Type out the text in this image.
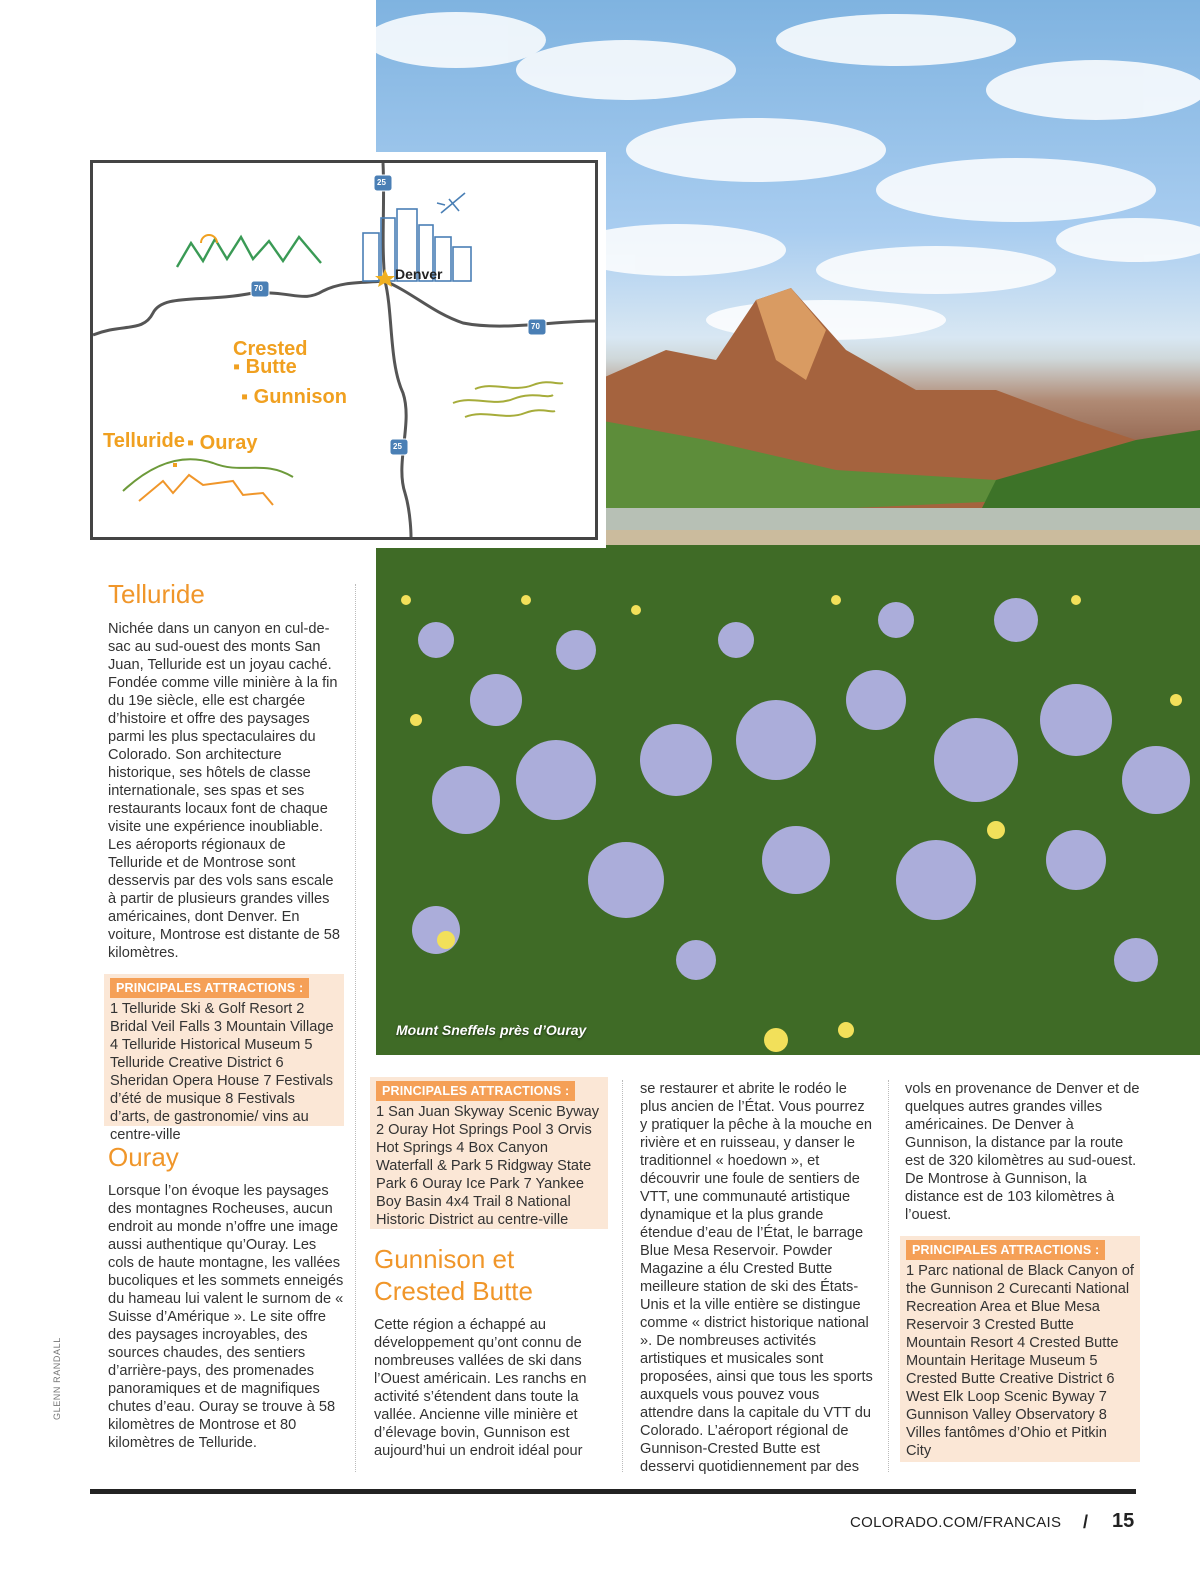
Mount Sneffels près d’Ouray
25
70
70
25
Denver
Crested
▪ Butte
▪ Gunnison
Telluride ▪ Ouray
Telluride
Nichée dans un canyon en cul-de-sac au sud-ouest des monts San Juan, Telluride est un joyau caché. Fondée comme ville minière à la fin du 19e siècle, elle est chargée d’histoire et offre des paysages parmi les plus spectaculaires du Colorado. Son architecture historique, ses hôtels de classe internationale, ses spas et ses restaurants locaux font de chaque visite une expérience inoubliable. Les aéroports régionaux de Telluride et de Montrose sont desservis par des vols sans escale à partir de plusieurs grandes villes américaines, dont Denver. En voiture, Montrose est distante de 58 kilomètres.
PRINCIPALES ATTRACTIONS :
1 Telluride Ski & Golf Resort 2 Bridal Veil Falls 3 Mountain Village 4 Telluride Historical Museum 5 Telluride Creative District 6 Sheridan Opera House 7 Festivals d’été de musique 8 Festivals d’arts, de gastronomie/ vins au centre-ville
Ouray
Lorsque l’on évoque les paysages des montagnes Rocheuses, aucun endroit au monde n’offre une image aussi authentique qu’Ouray. Les cols de haute montagne, les vallées bucoliques et les sommets enneigés du hameau lui valent le surnom de « Suisse d’Amérique ». Le site offre des paysages incroyables, des sources chaudes, des sentiers d’arrière-pays, des promenades panoramiques et de magnifiques chutes d’eau. Ouray se trouve à 58 kilomètres de Montrose et 80 kilomètres de Telluride.
PRINCIPALES ATTRACTIONS :
1 San Juan Skyway Scenic Byway 2 Ouray Hot Springs Pool 3 Orvis Hot Springs 4 Box Canyon Waterfall & Park 5 Ridgway State Park 6 Ouray Ice Park 7 Yankee Boy Basin 4x4 Trail 8 National Historic District au centre-ville
Gunnison et
Crested Butte
Cette région a échappé au développement qu’ont connu de nombreuses vallées de ski dans l’Ouest américain. Les ranchs en activité s’étendent dans toute la vallée. Ancienne ville minière et d’élevage bovin, Gunnison est aujourd’hui un endroit idéal pour
se restaurer et abrite le rodéo le plus ancien de l’État. Vous pourrez y pratiquer la pêche à la mouche en rivière et en ruisseau, y danser le traditionnel « hoedown », et découvrir une foule de sentiers de VTT, une communauté artistique dynamique et la plus grande étendue d’eau de l’État, le barrage Blue Mesa Reservoir. Powder Magazine a élu Crested Butte meilleure station de ski des États-Unis et la ville entière se distingue comme « district historique national ». De nombreuses activités artistiques et musicales sont proposées, ainsi que tous les sports auxquels vous pouvez vous attendre dans la capitale du VTT du Colorado. L’aéroport régional de Gunnison-Crested Butte est desservi quotidiennement par des
vols en provenance de Denver et de quelques autres grandes villes américaines. De Denver à Gunnison, la distance par la route est de 320 kilomètres au sud-ouest. De Montrose à Gunnison, la distance est de 103 kilomètres à l’ouest.
PRINCIPALES ATTRACTIONS :
1 Parc national de Black Canyon of the Gunnison 2 Curecanti National Recreation Area et Blue Mesa Reservoir 3 Crested Butte Mountain Resort 4 Crested Butte Mountain Heritage Museum 5 Crested Butte Creative District 6 West Elk Loop Scenic Byway 7 Gunnison Valley Observatory 8 Villes fantômes d’Ohio et Pitkin City
GLENN RANDALL
COLORADO.COM/FRANCAIS / 15
